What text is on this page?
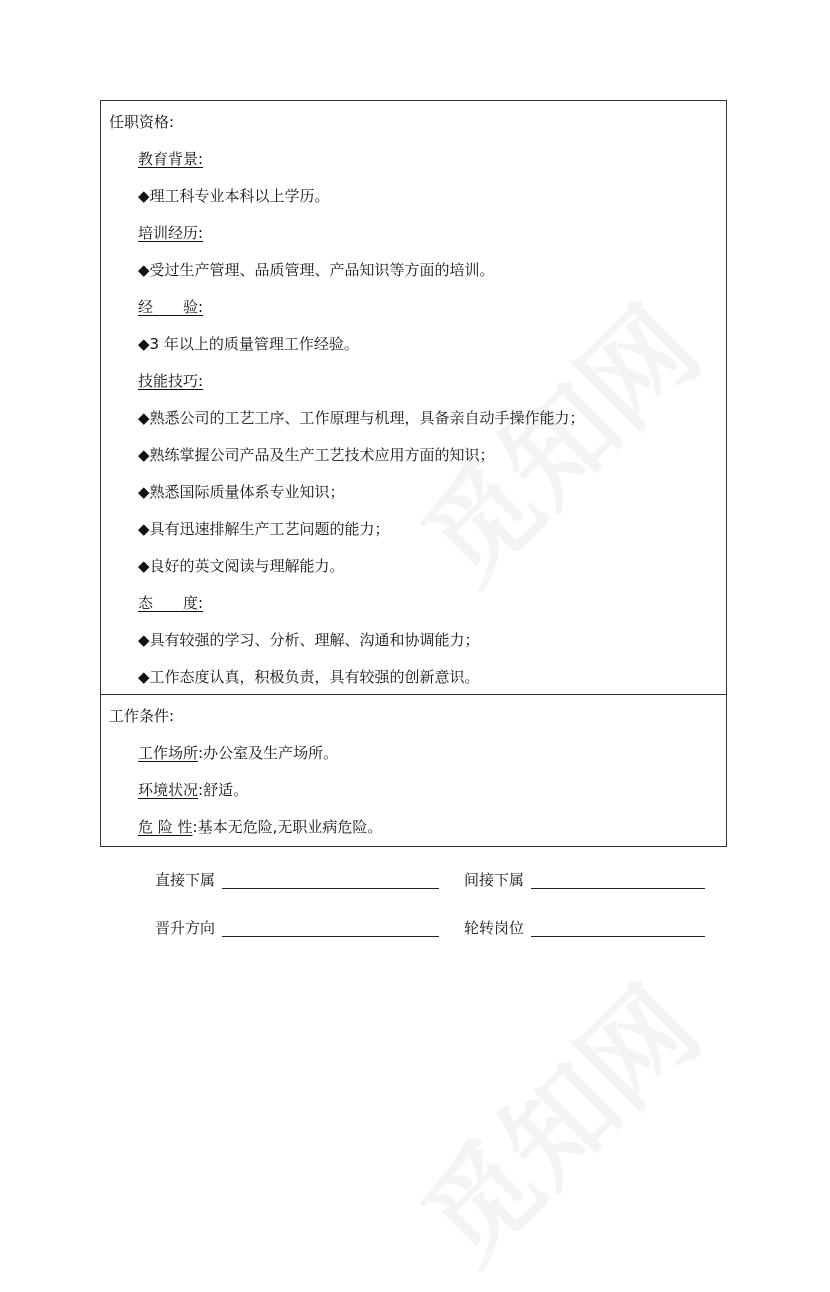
任职资格:
教育背景:
◆理工科专业本科以上学历。
培训经历:
◆受过生产管理、品质管理、产品知识等方面的培训。
经　　验:
◆3 年以上的质量管理工作经验。
技能技巧:
◆熟悉公司的工艺工序、工作原理与机理，具备亲自动手操作能力；
◆熟练掌握公司产品及生产工艺技术应用方面的知识；
◆熟悉国际质量体系专业知识；
◆具有迅速排解生产工艺问题的能力；
◆良好的英文阅读与理解能力。
态　　度:
◆具有较强的学习、分析、理解、沟通和协调能力；
◆工作态度认真，积极负责，具有较强的创新意识。
工作条件:
工作场所:办公室及生产场所。
环境状况:舒适。
危 险 性:基本无危险,无职业病危险。
直接下属	间接下属
晋升方向	轮转岗位
